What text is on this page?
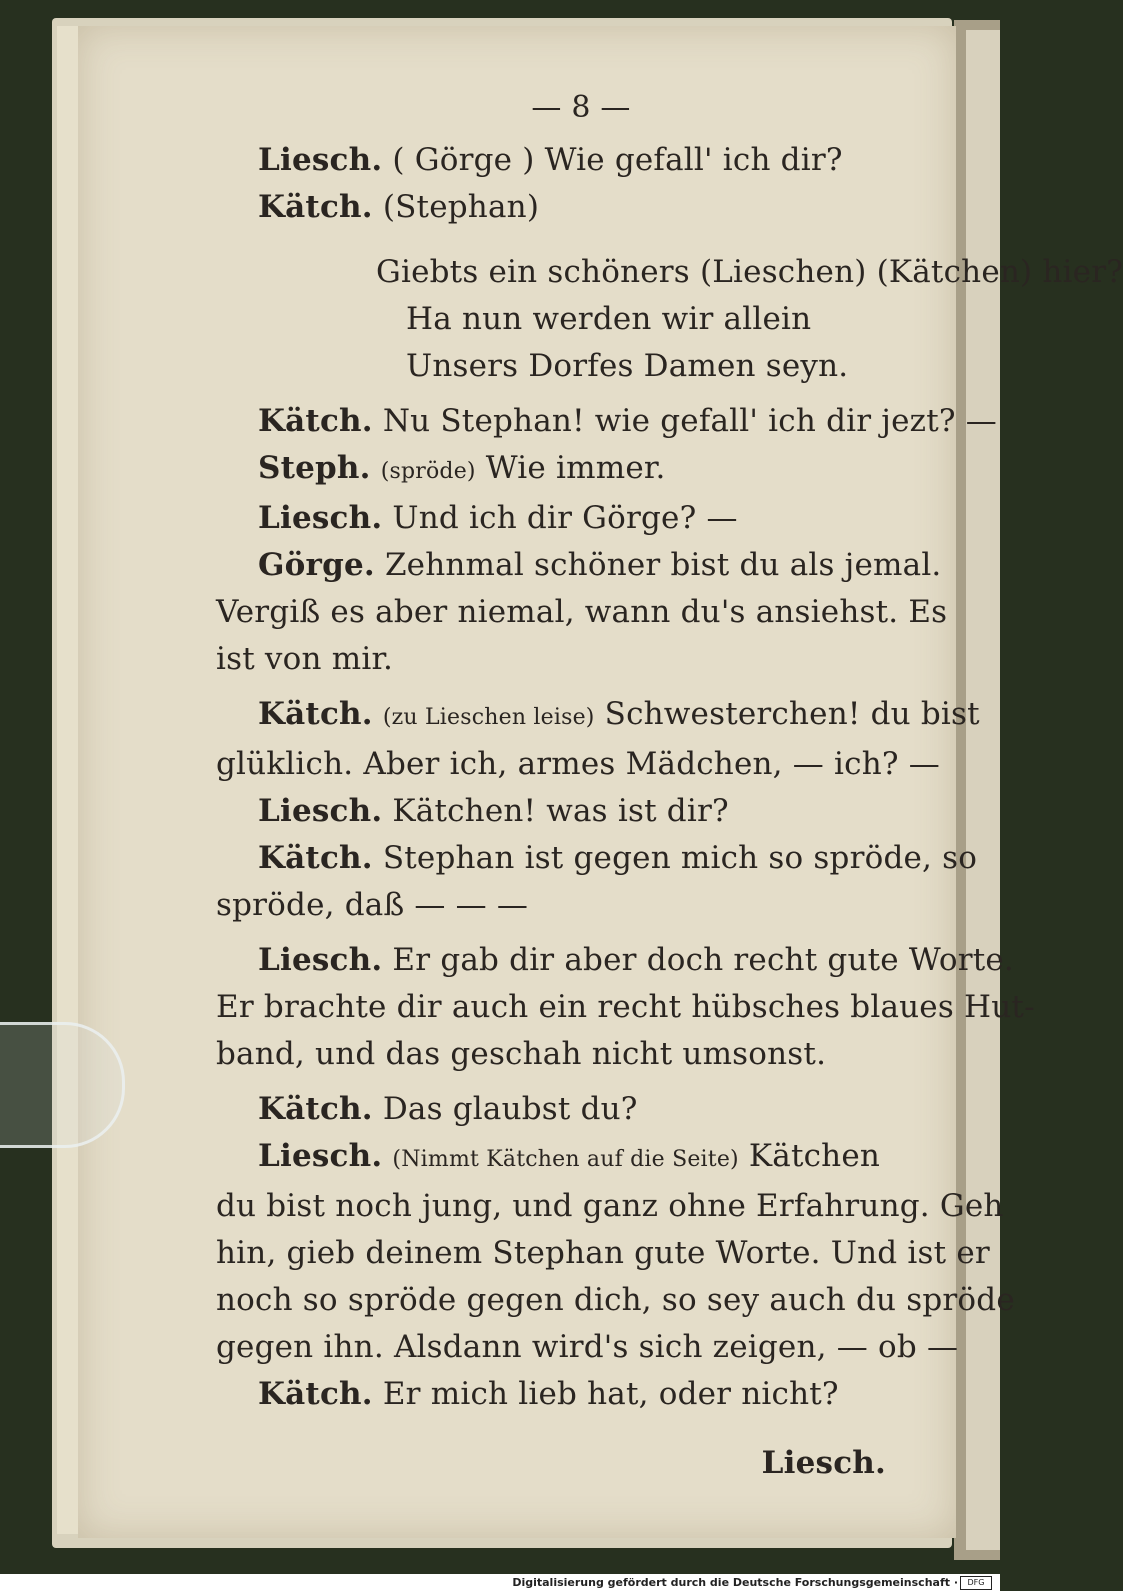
— 8 —
Liesch. ( Görge ) Wie gefall' ich dir?
Kätch. (Stephan)
Giebts ein schöners (Lieschen) (Kätchen) hier?
Ha nun werden wir allein
Unsers Dorfes Damen seyn.
Kätch. Nu Stephan! wie gefall' ich dir jezt? —
Steph. (spröde) Wie immer.
Liesch. Und ich dir Görge? —
Görge. Zehnmal schöner bist du als jemal.
Vergiß es aber niemal, wann du's ansiehst. Es
ist von mir.
Kätch. (zu Lieschen leise) Schwesterchen! du bist
glüklich. Aber ich, armes Mädchen, — ich? —
Liesch. Kätchen! was ist dir?
Kätch. Stephan ist gegen mich so spröde, so
spröde, daß — — —
Liesch. Er gab dir aber doch recht gute Worte.
Er brachte dir auch ein recht hübsches blaues Hut-
band, und das geschah nicht umsonst.
Kätch. Das glaubst du?
Liesch. (Nimmt Kätchen auf die Seite) Kätchen
du bist noch jung, und ganz ohne Erfahrung. Geh
hin, gieb deinem Stephan gute Worte. Und ist er
noch so spröde gegen dich, so sey auch du spröde
gegen ihn. Alsdann wird's sich zeigen, — ob —
Kätch. Er mich lieb hat, oder nicht?
Liesch.
Digitalisierung gefördert durch die Deutsche Forschungsgemeinschaft ·	DFG
